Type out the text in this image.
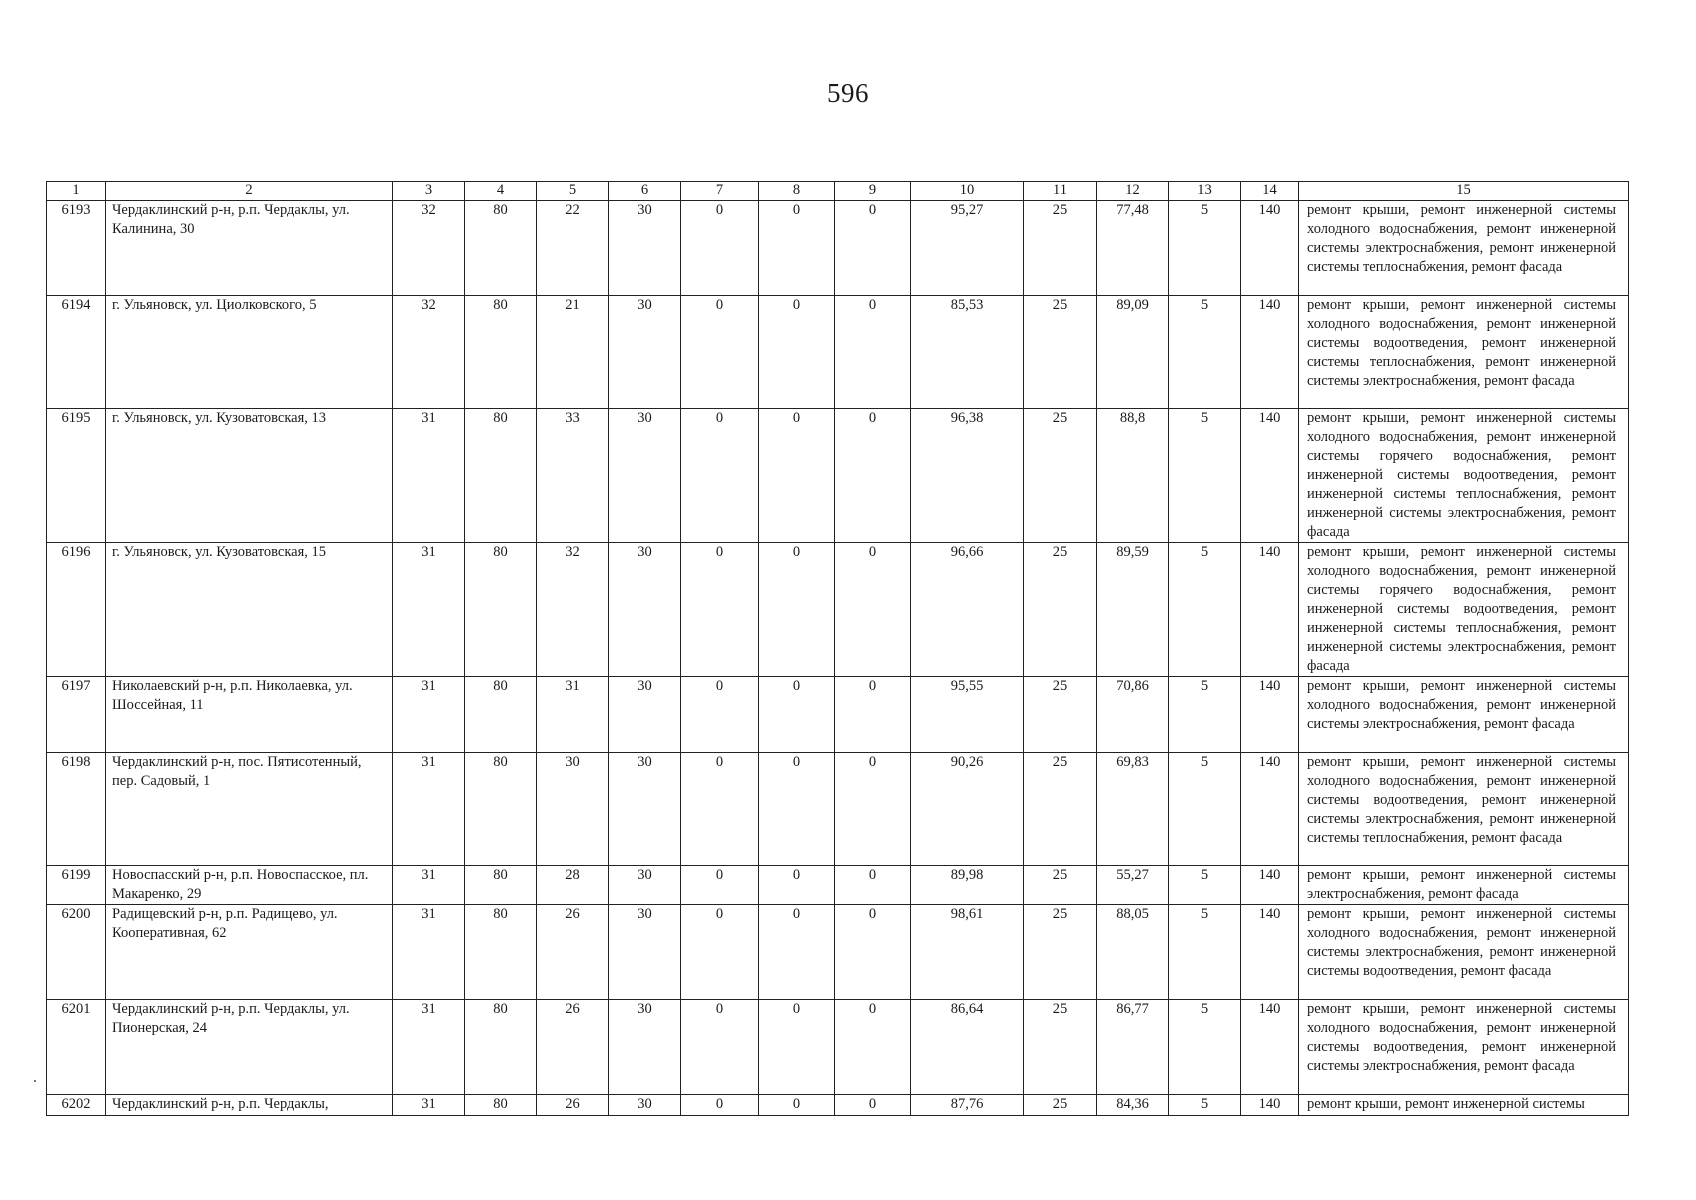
596
1	2	3	4	5	6	7	8	9	10	11	12	13	14	15
6193	Чердаклинский р-н, р.п. Чердаклы, ул. Калинина, 30	32	80	22	30	0	0	0	95,27	25	77,48	5	140	ремонт крыши, ремонт инженерной системы холодного водоснабжения, ремонт инженерной системы электроснабжения, ремонт инженерной системы теплоснабжения, ремонт фасада
6194	г. Ульяновск, ул. Циолковского, 5	32	80	21	30	0	0	0	85,53	25	89,09	5	140	ремонт крыши, ремонт инженерной системы холодного водоснабжения, ремонт инженерной системы водоотведения, ремонт инженерной системы теплоснабжения, ремонт инженерной системы электроснабжения, ремонт фасада
6195	г. Ульяновск, ул. Кузоватовская, 13	31	80	33	30	0	0	0	96,38	25	88,8	5	140	ремонт крыши, ремонт инженерной системы холодного водоснабжения, ремонт инженерной системы горячего водоснабжения, ремонт инженерной системы водоотведения, ремонт инженерной системы теплоснабжения, ремонт инженерной системы электроснабжения, ремонт фасада
6196	г. Ульяновск, ул. Кузоватовская, 15	31	80	32	30	0	0	0	96,66	25	89,59	5	140	ремонт крыши, ремонт инженерной системы холодного водоснабжения, ремонт инженерной системы горячего водоснабжения, ремонт инженерной системы водоотведения, ремонт инженерной системы теплоснабжения, ремонт инженерной системы электроснабжения, ремонт фасада
6197	Николаевский р-н, р.п. Николаевка, ул. Шоссейная, 11	31	80	31	30	0	0	0	95,55	25	70,86	5	140	ремонт крыши, ремонт инженерной системы холодного водоснабжения, ремонт инженерной системы электроснабжения, ремонт фасада
6198	Чердаклинский р-н, пос. Пятисотенный, пер. Садовый, 1	31	80	30	30	0	0	0	90,26	25	69,83	5	140	ремонт крыши, ремонт инженерной системы холодного водоснабжения, ремонт инженерной системы водоотведения, ремонт инженерной системы электроснабжения, ремонт инженерной системы теплоснабжения, ремонт фасада
6199	Новоспасский р-н, р.п. Новоспасское, пл. Макаренко, 29	31	80	28	30	0	0	0	89,98	25	55,27	5	140	ремонт крыши, ремонт инженерной системы электроснабжения, ремонт фасада
6200	Радищевский р-н, р.п. Радищево, ул. Кооперативная, 62	31	80	26	30	0	0	0	98,61	25	88,05	5	140	ремонт крыши, ремонт инженерной системы холодного водоснабжения, ремонт инженерной системы электроснабжения, ремонт инженерной системы водоотведения, ремонт фасада
6201	Чердаклинский р-н, р.п. Чердаклы, ул. Пионерская, 24	31	80	26	30	0	0	0	86,64	25	86,77	5	140	ремонт крыши, ремонт инженерной системы холодного водоснабжения, ремонт инженерной системы водоотведения, ремонт инженерной системы электроснабжения, ремонт фасада
6202	Чердаклинский р-н, р.п. Чердаклы,	31	80	26	30	0	0	0	87,76	25	84,36	5	140	ремонт крыши, ремонт инженерной системы
